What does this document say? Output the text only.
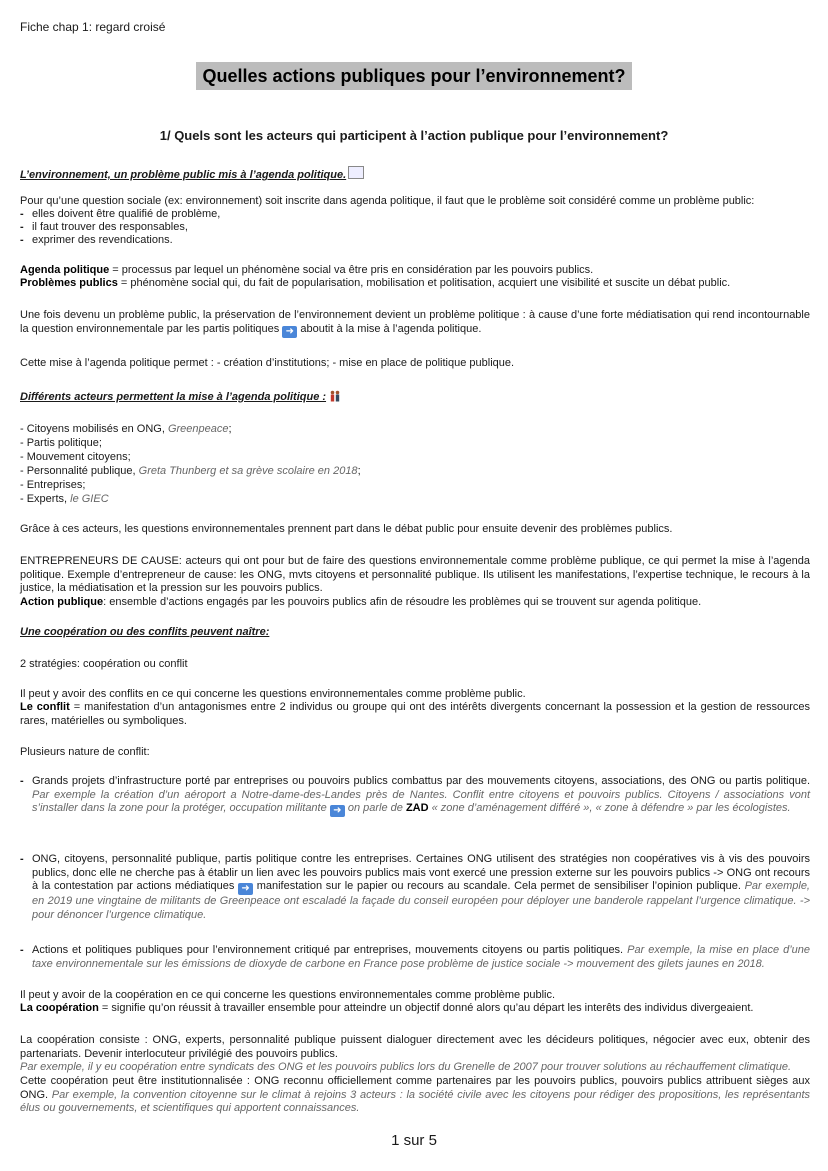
Fiche chap 1: regard croisé
Quelles actions publiques pour l’environnement?
1/ Quels sont les acteurs qui participent à l’action publique pour l’environnement?
L’environnement, un problème public mis à l’agenda politique.
Pour qu’une question sociale (ex: environnement) soit inscrite dans agenda politique, il faut que le problème soit considéré comme un problème public:
- elles doivent être qualifié de problème,
- il faut trouver des responsables,
- exprimer des revendications.
Agenda politique = processus par lequel un phénomène social va être pris en considération par les pouvoirs publics.
Problèmes publics = phénomène social qui, du fait de popularisation, mobilisation et politisation, acquiert une visibilité et suscite un débat public.
Une fois devenu un problème public, la préservation de l’environnement devient un problème politique : à cause d’une forte médiatisation qui rend incontournable la question environnementale par les partis politiques ➜ aboutit à la mise à l’agenda politique.
Cette mise à l’agenda politique permet : - création d’institutions; - mise en place de politique publique.
Différents acteurs permettent la mise à l’agenda politique :
- Citoyens mobilisés en ONG, Greenpeace;
- Partis politique;
- Mouvement citoyens;
- Personnalité publique, Greta Thunberg et sa grève scolaire en 2018;
- Entreprises;
- Experts, le GIEC
Grâce à ces acteurs, les questions environnementales prennent part dans le débat public pour ensuite devenir des problèmes publics.
ENTREPRENEURS DE CAUSE: acteurs qui ont pour but de faire des questions environnementale comme problème publique, ce qui permet la mise à l’agenda politique. Exemple d’entrepreneur de cause: les ONG, mvts citoyens et personnalité publique. Ils utilisent les manifestations, l’expertise technique, le recours à la justice, la médiatisation et la pression sur les pouvoirs publics.
Action publique: ensemble d’actions engagés par les pouvoirs publics afin de résoudre les problèmes qui se trouvent sur agenda politique.
Une coopération ou des conflits peuvent naître:
2 stratégies: coopération ou conflit
Il peut y avoir des conflits en ce qui concerne les questions environnementales comme problème public.
Le conflit = manifestation d’un antagonismes entre 2 individus ou groupe qui ont des intérêts divergents concernant la possession et la gestion de ressources rares, matérielles ou symboliques.
Plusieurs nature de conflit:
- Grands projets d’infrastructure porté par entreprises ou pouvoirs publics combattus par des mouvements citoyens, associations, des ONG ou partis politique. Par exemple la création d’un aéroport a Notre-dame-des-Landes près de Nantes. Conflit entre citoyens et pouvoirs publics. Citoyens / associations vont s’installer dans la zone pour la protéger, occupation militante ➜ on parle de ZAD « zone d’aménagement différé », « zone à défendre » par les écologistes.
- ONG, citoyens, personnalité publique, partis politique contre les entreprises. Certaines ONG utilisent des stratégies non coopératives vis à vis des pouvoirs publics, donc elle ne cherche pas à établir un lien avec les pouvoirs publics mais vont exercé une pression externe sur les pouvoirs publics -> ONG ont recours à la contestation par actions médiatiques ➜ manifestation sur le papier ou recours au scandale. Cela permet de sensibiliser l’opinion publique. Par exemple, en 2019 une vingtaine de militants de Greenpeace ont escaladé la façade du conseil européen pour déployer une banderole rappelant l’urgence climatique. -> pour dénoncer l’urgence climatique.
- Actions et politiques publiques pour l’environnement critiqué par entreprises, mouvements citoyens ou partis politiques. Par exemple, la mise en place d’une taxe environnementale sur les émissions de dioxyde de carbone en France pose problème de justice sociale -> mouvement des gilets jaunes en 2018.
Il peut y avoir de la coopération en ce qui concerne les questions environnementales comme problème public.
La coopération = signifie qu’on réussit à travailler ensemble pour atteindre un objectif donné alors qu’au départ les interêts des individus divergeaient.
La coopération consiste : ONG, experts, personnalité publique puissent dialoguer directement avec les décideurs politiques, négocier avec eux, obtenir des partenariats. Devenir interlocuteur privilégié des pouvoirs publics.
Par exemple, il y eu coopération entre syndicats des ONG et les pouvoirs publics lors du Grenelle de 2007 pour trouver solutions au réchauffement climatique.
Cette coopération peut être institutionnalisée : ONG reconnu officiellement comme partenaires par les pouvoirs publics, pouvoirs publics attribuent sièges aux ONG. Par exemple, la convention citoyenne sur le climat à rejoins 3 acteurs : la société civile avec les citoyens pour rédiger des propositions, les représentants élus ou gouvernements, et scientifiques qui apportent connaissances.
1 sur 5
